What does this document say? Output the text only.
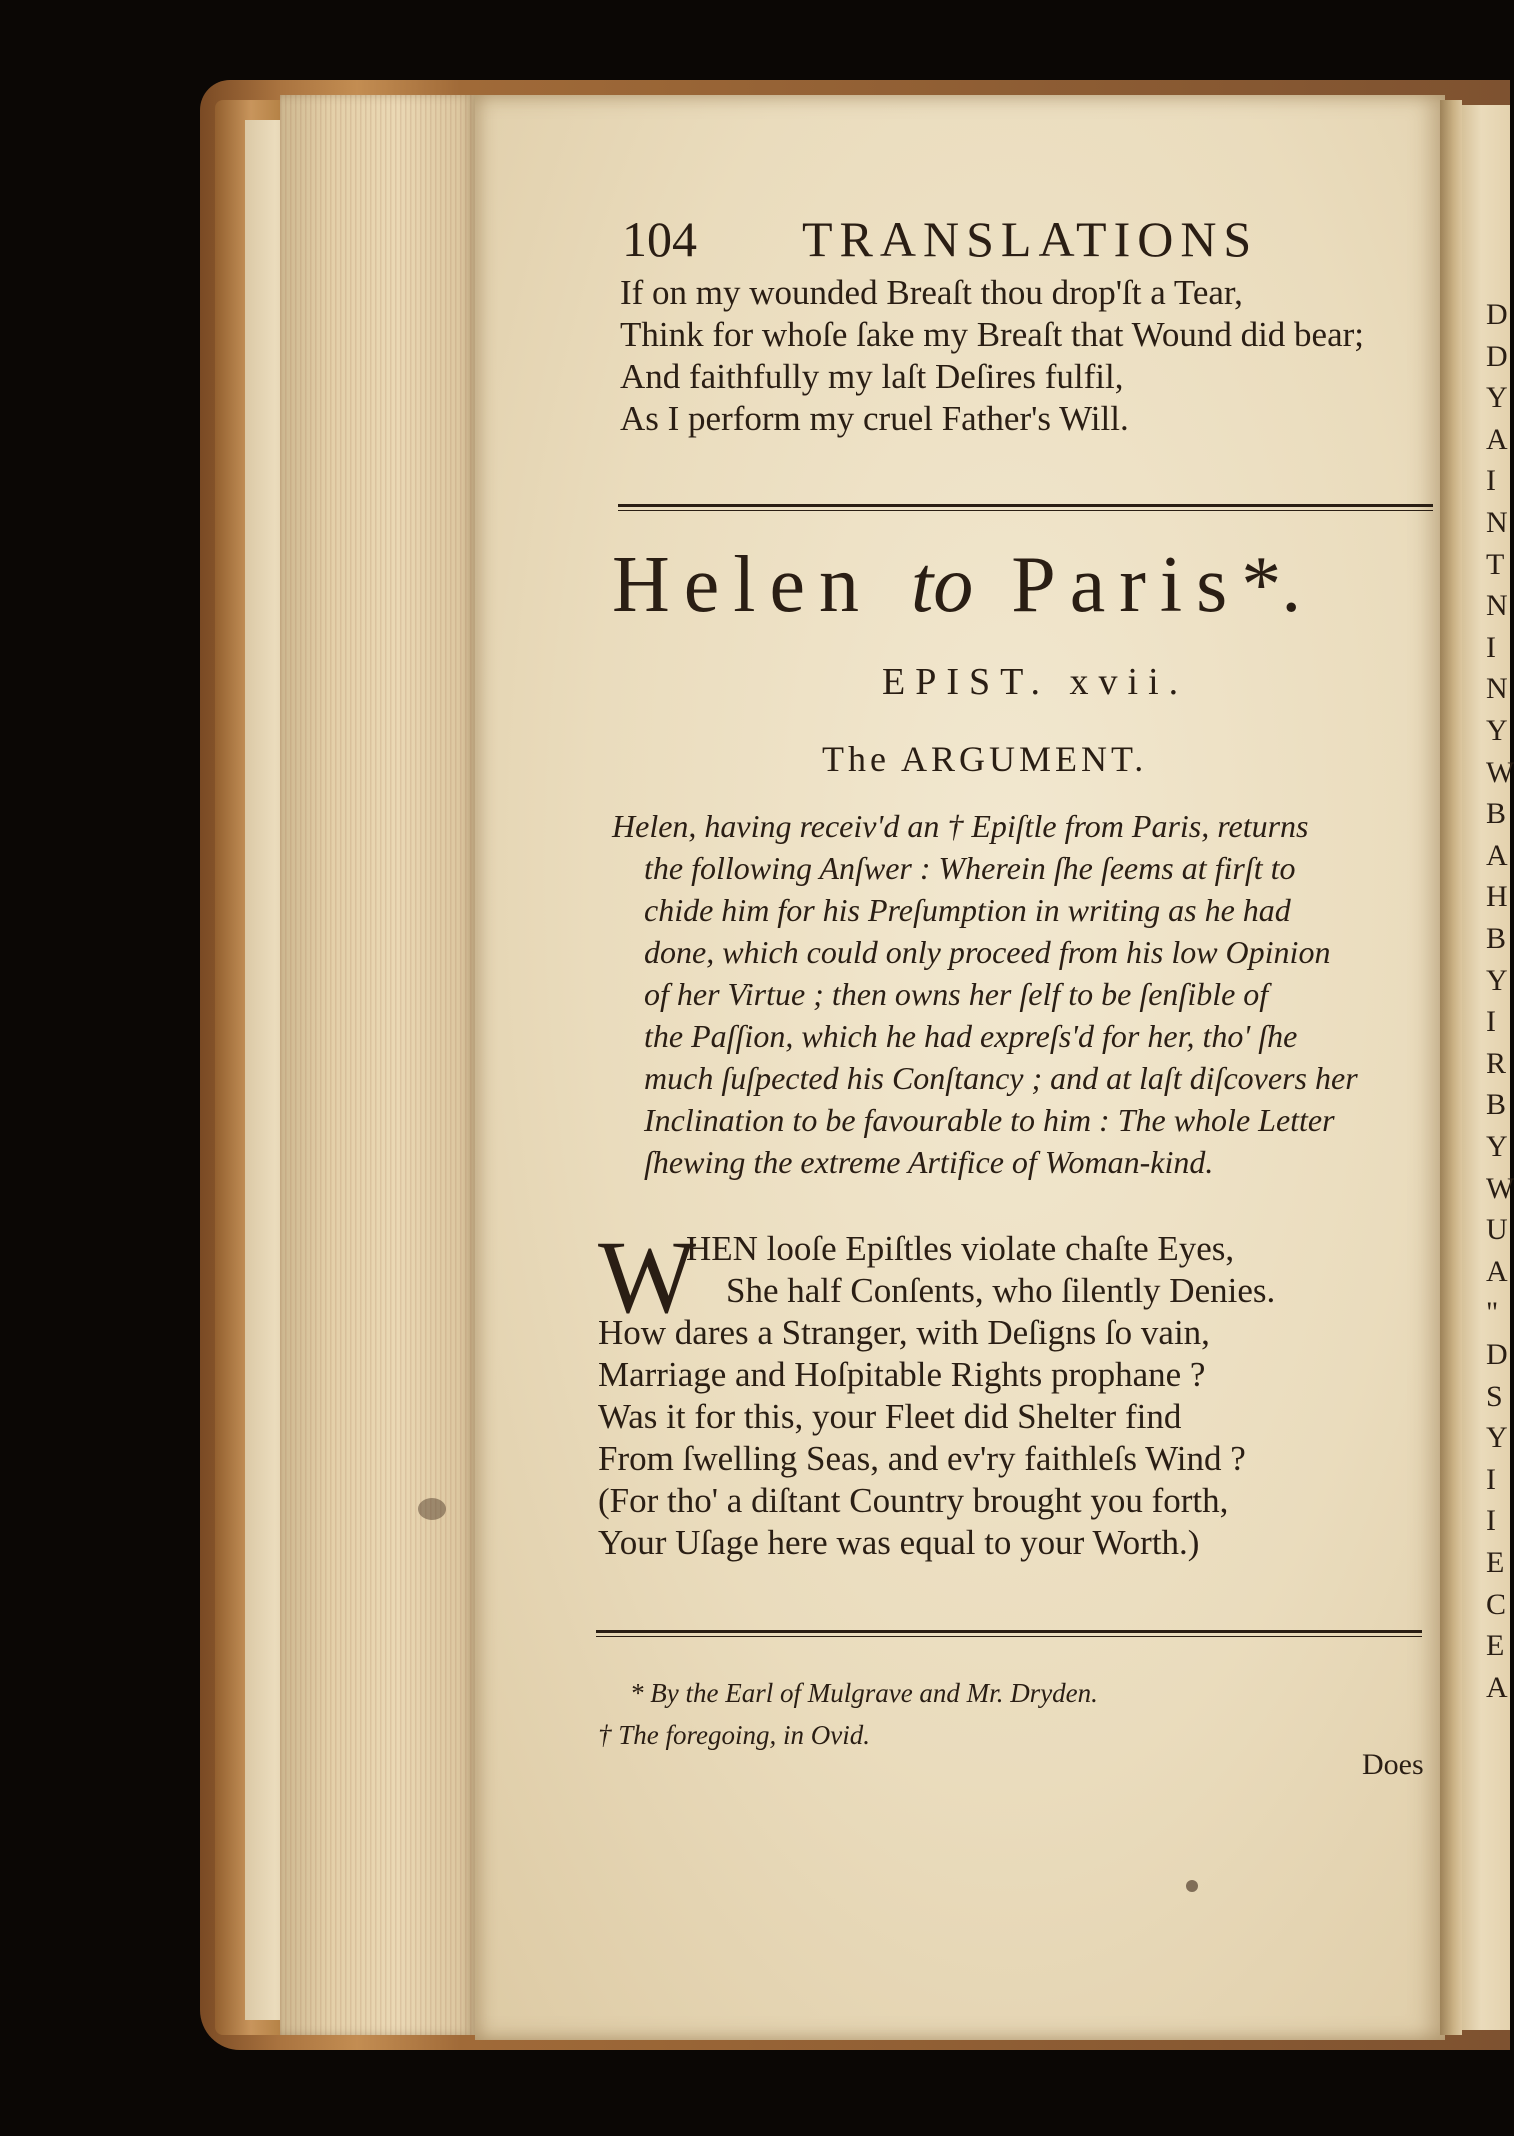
D
D
Y
A
I
N
T
N
I
N
Y
W
B
A
H
B
Y
I
R
B
Y
W
U
A
"
D
S
Y
I
I
E
C
E
A
104 TRANSLATIONS
If on my wounded Breaſt thou drop'ſt a Tear,
Think for whoſe ſake my Breaſt that Wound did bear;
And faithfully my laſt Deſires fulfil,
As I perform my cruel Father's Will.
Helen to Paris*.
EPIST. xvii.
The ARGUMENT.
Helen, having receiv'd an † Epiſtle from Paris, returns
the following Anſwer : Wherein ſhe ſeems at firſt to
chide him for his Preſumption in writing as he had
done, which could only proceed from his low Opinion
of her Virtue ; then owns her ſelf to be ſenſible of
the Paſſion, which he had expreſs'd for her, tho' ſhe
much ſuſpected his Conſtancy ; and at laſt diſcovers her
Inclination to be favourable to him : The whole Letter
ſhewing the extreme Artifice of Woman-kind.
W
HEN looſe Epiſtles violate chaſte Eyes,
She half Conſents, who ſilently Denies.
How dares a Stranger, with Deſigns ſo vain,
Marriage and Hoſpitable Rights prophane ?
Was it for this, your Fleet did Shelter find
From ſwelling Seas, and ev'ry faithleſs Wind ?
(For tho' a diſtant Country brought you forth,
Your Uſage here was equal to your Worth.)
* By the Earl of Mulgrave and Mr. Dryden.
† The foregoing, in Ovid.
Does
